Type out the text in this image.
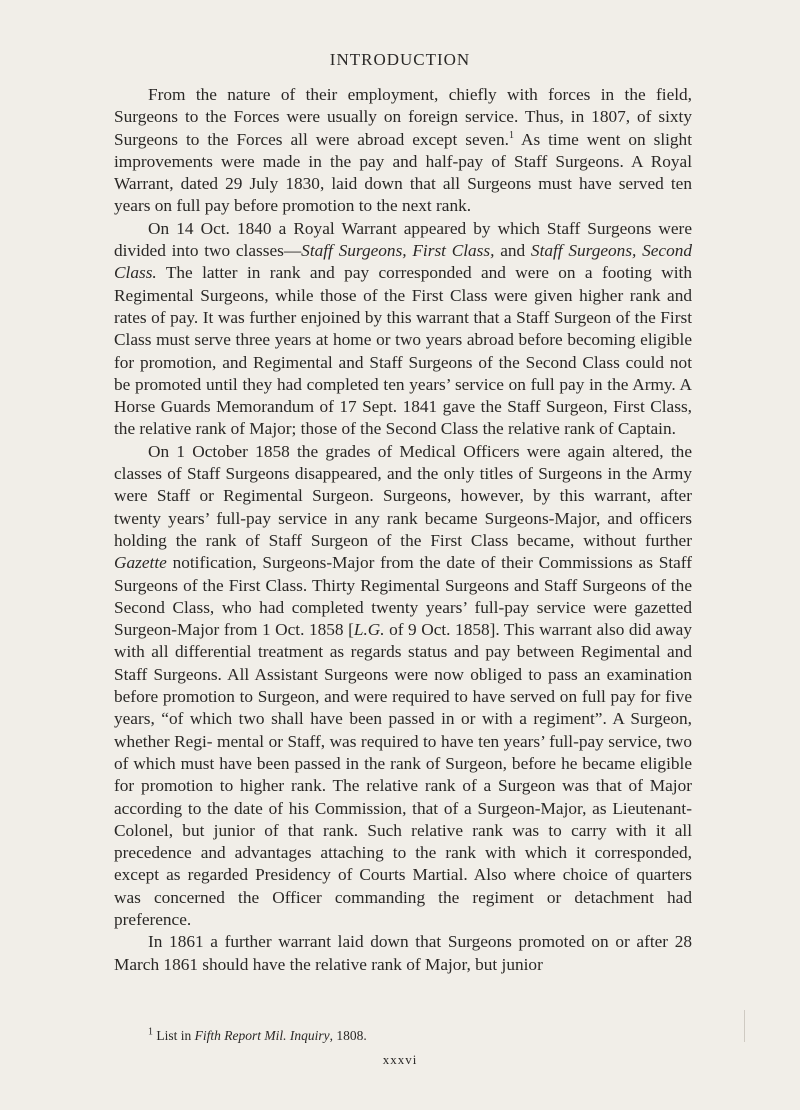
INTRODUCTION

From the nature of their employment, chiefly with forces in the field, Surgeons to the Forces were usually on foreign service. Thus, in 1807, of sixty Surgeons to the Forces all were abroad except seven.$^1$ As time went on slight improvements were made in the pay and half-pay of Staff Surgeons. A Royal Warrant, dated 29 July 1830, laid down that all Surgeons must have served ten years on full pay before promotion to the next rank.

On 14 Oct. 1840 a Royal Warrant appeared by which Staff Surgeons were divided into two classes—Staff Surgeons, First Class, and Staff Surgeons, Second Class. The latter in rank and pay corresponded and were on a footing with Regimental Surgeons, while those of the First Class were given higher rank and rates of pay. It was further enjoined by this warrant that a Staff Surgeon of the First Class must serve three years at home or two years abroad before becoming eligible for promotion, and Regimental and Staff Surgeons of the Second Class could not be promoted until they had completed ten years’ service on full pay in the Army. A Horse Guards Memorandum of 17 Sept. 1841 gave the Staff Surgeon, First Class, the relative rank of Major; those of the Second Class the relative rank of Captain.

On 1 October 1858 the grades of Medical Officers were again altered, the classes of Staff Surgeons disappeared, and the only titles of Surgeons in the Army were Staff or Regimental Surgeon. Surgeons, however, by this warrant, after twenty years’ full-pay service in any rank became Surgeons-Major, and officers holding the rank of Staff Surgeon of the First Class became, without further Gazette notification, Surgeons-Major from the date of their Commissions as Staff Surgeons of the First Class. Thirty Regimental Surgeons and Staff Surgeons of the Second Class, who had completed twenty years’ full-pay service were gazetted Surgeon-Major from 1 Oct. 1858 [L.G. of 9 Oct. 1858]. This warrant also did away with all differential treatment as regards status and pay between Regimental and Staff Surgeons. All Assistant Surgeons were now obliged to pass an examination before promotion to Surgeon, and were required to have served on full pay for five years, “of which two shall have been passed in or with a regiment”. A Surgeon, whether Regi- mental or Staff, was required to have ten years’ full-pay service, two of which must have been passed in the rank of Surgeon, before he became eligible for promotion to higher rank. The relative rank of a Surgeon was that of Major according to the date of his Commission, that of a Surgeon-Major, as Lieutenant-Colonel, but junior of that rank. Such relative rank was to carry with it all precedence and advantages attaching to the rank with which it corresponded, except as regarded Presidency of Courts Martial. Also where choice of quarters was concerned the Officer commanding the regiment or detachment had preference.

In 1861 a further warrant laid down that Surgeons promoted on or after 28 March 1861 should have the relative rank of Major, but junior

$^1$ List in Fifth Report Mil. Inquiry, 1808.
xxxvi
